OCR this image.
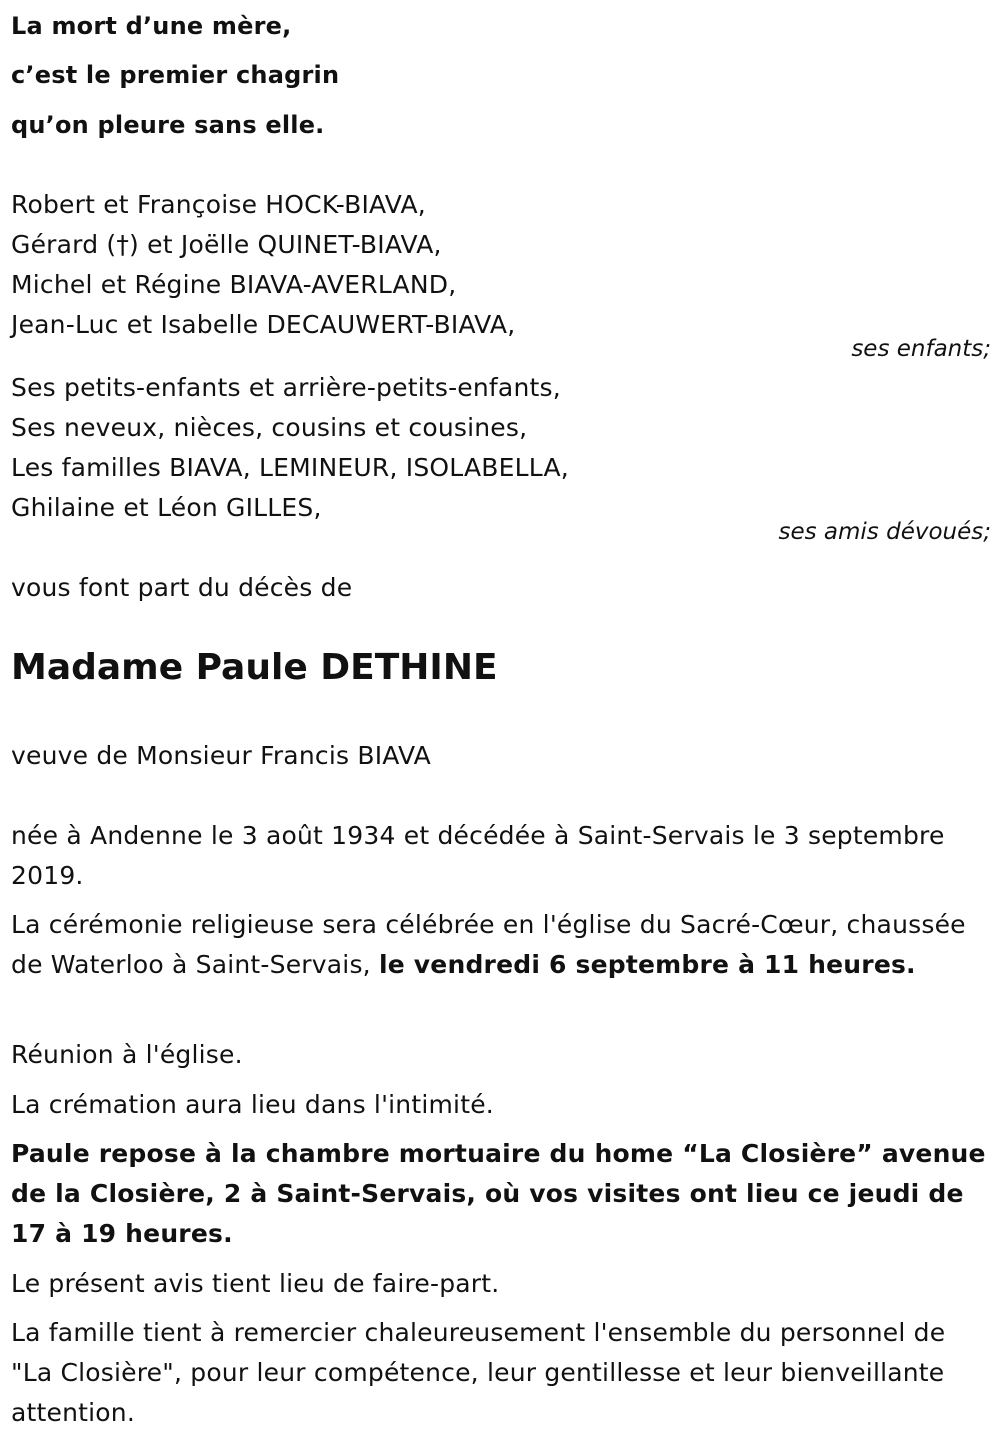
La mort d’une mère,
c’est le premier chagrin
qu’on pleure sans elle.
Robert et Françoise HOCK-BIAVA,
Gérard (†) et Joëlle QUINET-BIAVA,
Michel et Régine BIAVA-AVERLAND,
Jean-Luc et Isabelle DECAUWERT-BIAVA,
ses enfants;
Ses petits-enfants et arrière-petits-enfants,
Ses neveux, nièces, cousins et cousines,
Les familles BIAVA, LEMINEUR, ISOLABELLA,
Ghilaine et Léon GILLES,
ses amis dévoués;
vous font part du décès de
Madame Paule DETHINE
veuve de Monsieur Francis BIAVA
née à Andenne le 3 août 1934 et décédée à Saint-Servais le 3 septembre 2019.
La cérémonie religieuse sera célébrée en l'église du Sacré-Cœur, chaussée de Waterloo à Saint-Servais, le vendredi 6 septembre à 11 heures.
Réunion à l'église.
La crémation aura lieu dans l'intimité.
Paule repose à la chambre mortuaire du home “La Closière” avenue de la Closière, 2 à Saint-Servais, où vos visites ont lieu ce jeudi de 17 à 19 heures.
Le présent avis tient lieu de faire-part.
La famille tient à remercier chaleureusement l'ensemble du personnel de "La Closière", pour leur compétence, leur gentillesse et leur bienveillante attention.
